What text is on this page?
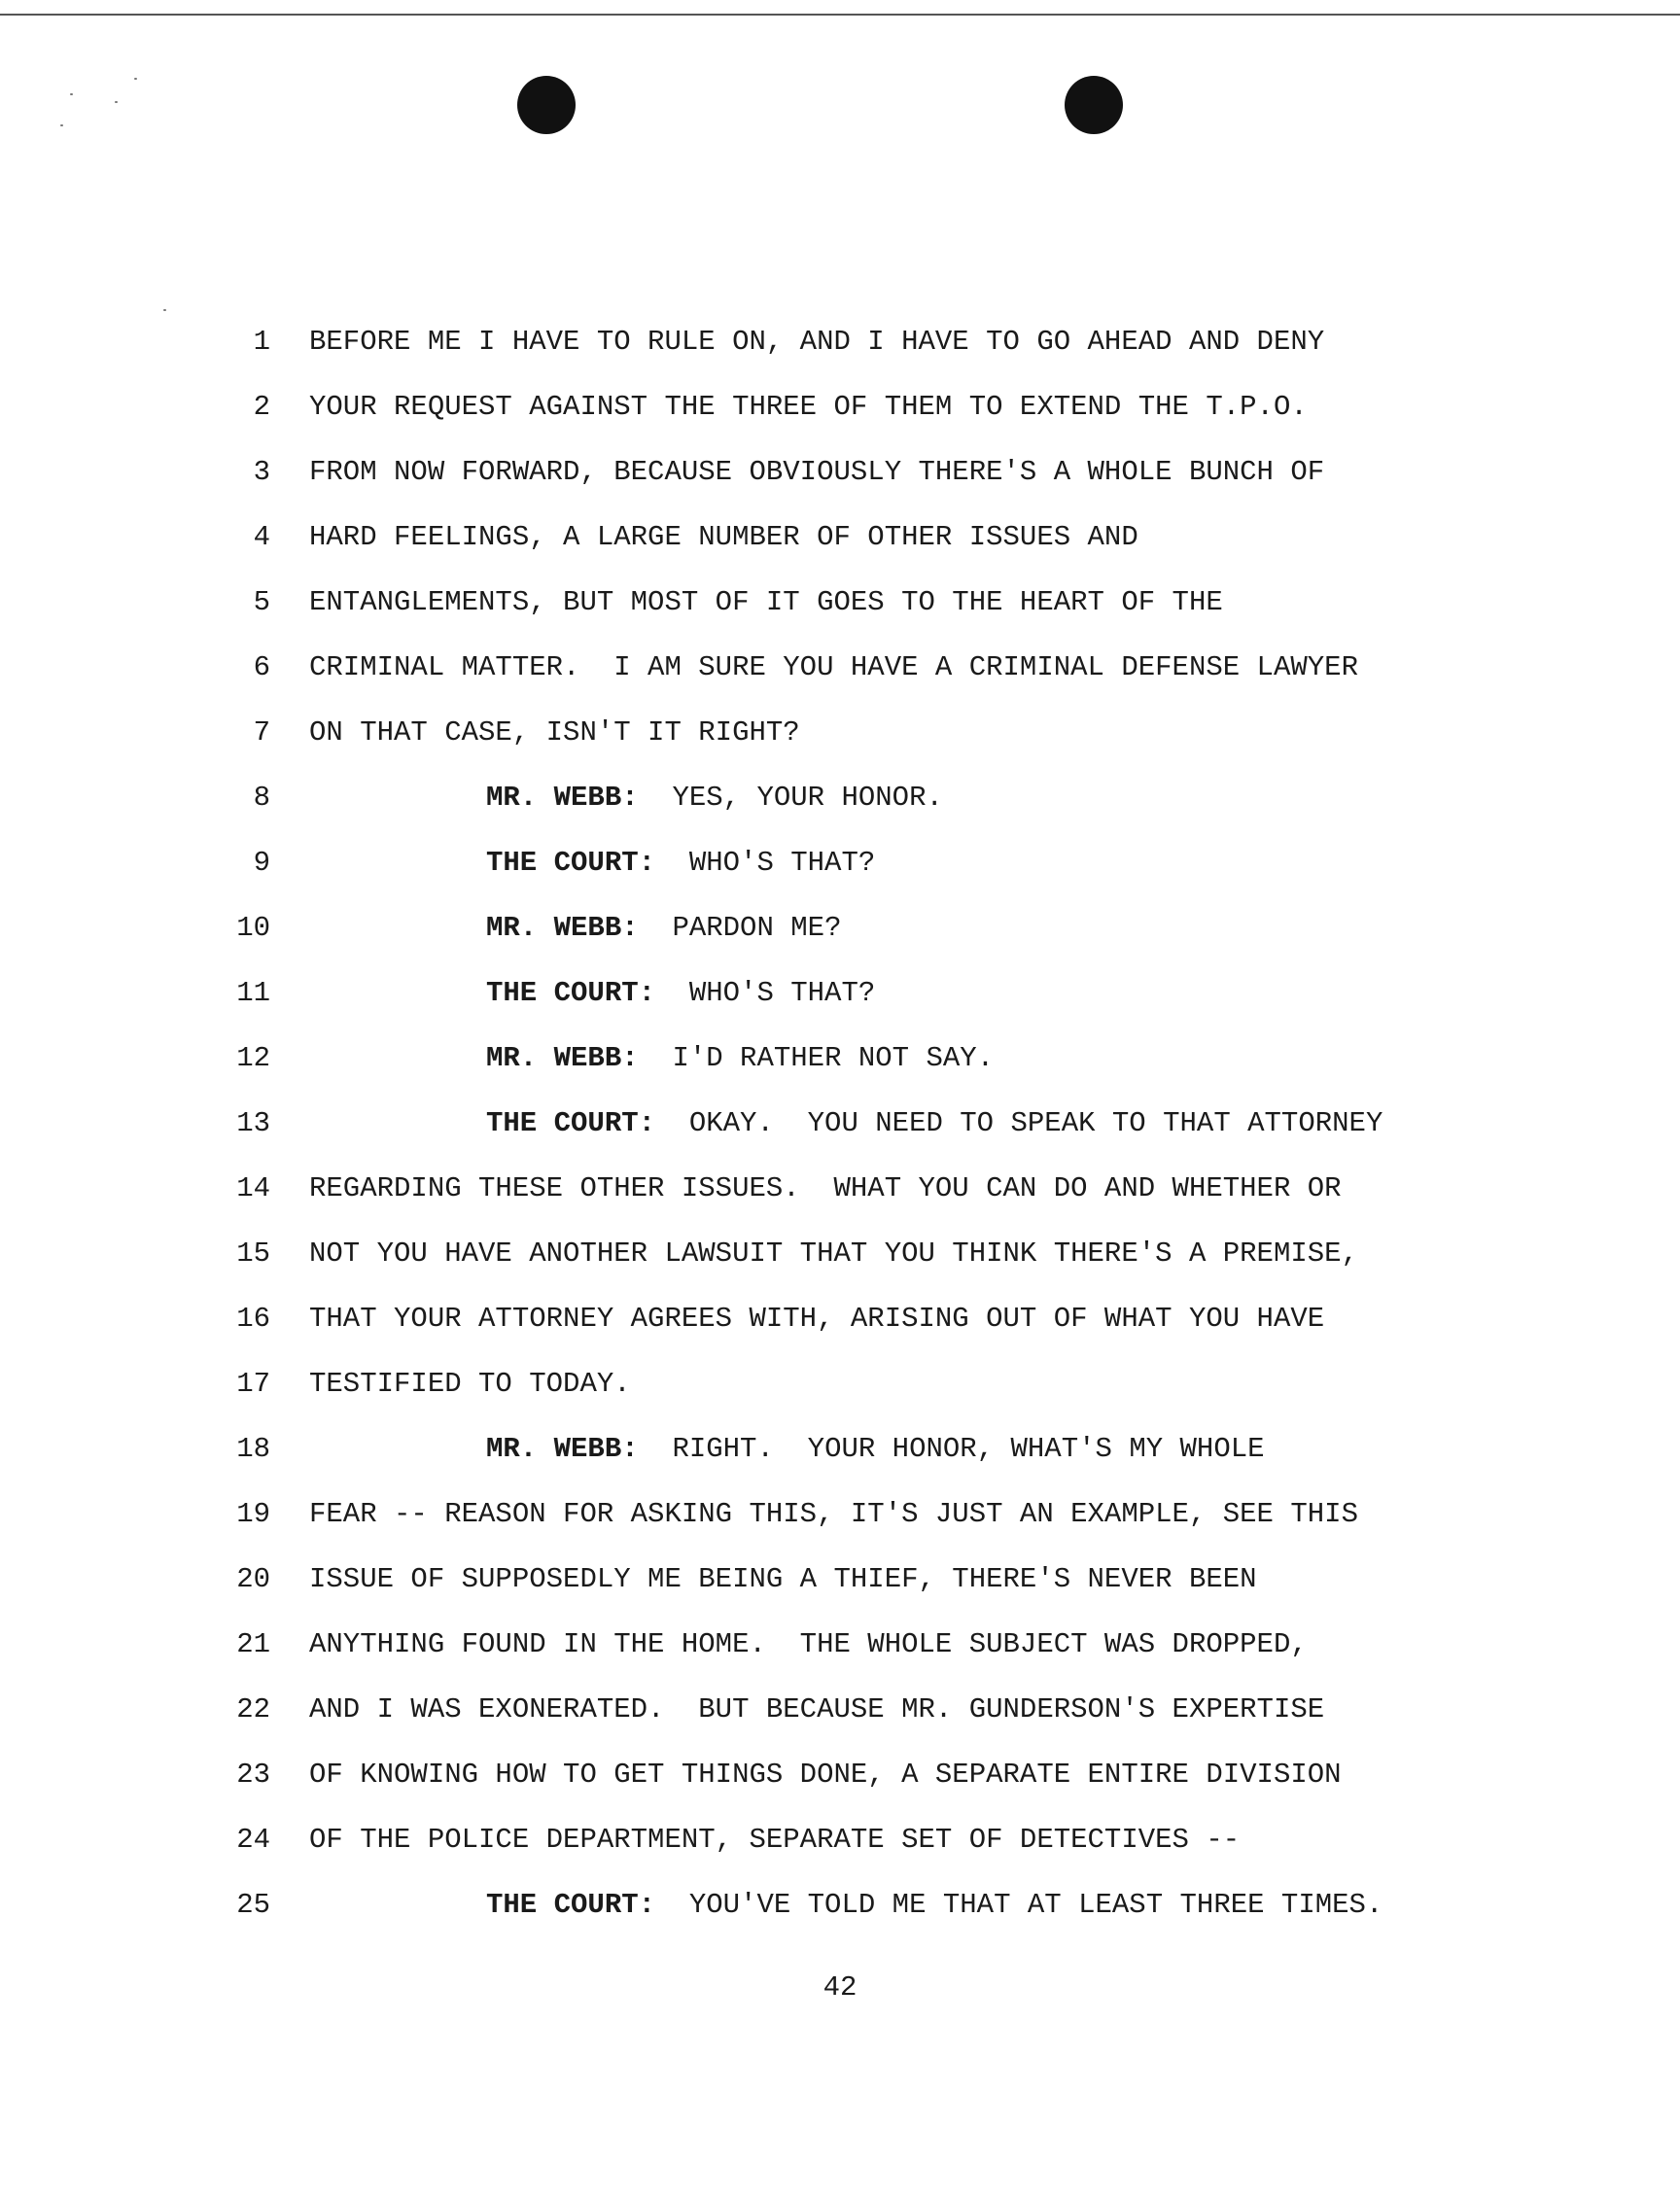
1 BEFORE ME I HAVE TO RULE ON, AND I HAVE TO GO AHEAD AND DENY
2 YOUR REQUEST AGAINST THE THREE OF THEM TO EXTEND THE T.P.O.
3 FROM NOW FORWARD, BECAUSE OBVIOUSLY THERE'S A WHOLE BUNCH OF
4 HARD FEELINGS, A LARGE NUMBER OF OTHER ISSUES AND
5 ENTANGLEMENTS, BUT MOST OF IT GOES TO THE HEART OF THE
6 CRIMINAL MATTER.  I AM SURE YOU HAVE A CRIMINAL DEFENSE LAWYER
7 ON THAT CASE, ISN'T IT RIGHT?
8	MR. WEBB:  YES, YOUR HONOR.
9	THE COURT:  WHO'S THAT?
10	MR. WEBB:  PARDON ME?
11	THE COURT:  WHO'S THAT?
12	MR. WEBB:  I'D RATHER NOT SAY.
13	THE COURT:  OKAY.  YOU NEED TO SPEAK TO THAT ATTORNEY
14 REGARDING THESE OTHER ISSUES.  WHAT YOU CAN DO AND WHETHER OR
15 NOT YOU HAVE ANOTHER LAWSUIT THAT YOU THINK THERE'S A PREMISE,
16 THAT YOUR ATTORNEY AGREES WITH, ARISING OUT OF WHAT YOU HAVE
17 TESTIFIED TO TODAY.
18	MR. WEBB:  RIGHT.  YOUR HONOR, WHAT'S MY WHOLE
19 FEAR -- REASON FOR ASKING THIS, IT'S JUST AN EXAMPLE, SEE THIS
20 ISSUE OF SUPPOSEDLY ME BEING A THIEF, THERE'S NEVER BEEN
21 ANYTHING FOUND IN THE HOME.  THE WHOLE SUBJECT WAS DROPPED,
22 AND I WAS EXONERATED.  BUT BECAUSE MR. GUNDERSON'S EXPERTISE
23 OF KNOWING HOW TO GET THINGS DONE, A SEPARATE ENTIRE DIVISION
24 OF THE POLICE DEPARTMENT, SEPARATE SET OF DETECTIVES --
25	THE COURT:  YOU'VE TOLD ME THAT AT LEAST THREE TIMES.
42
